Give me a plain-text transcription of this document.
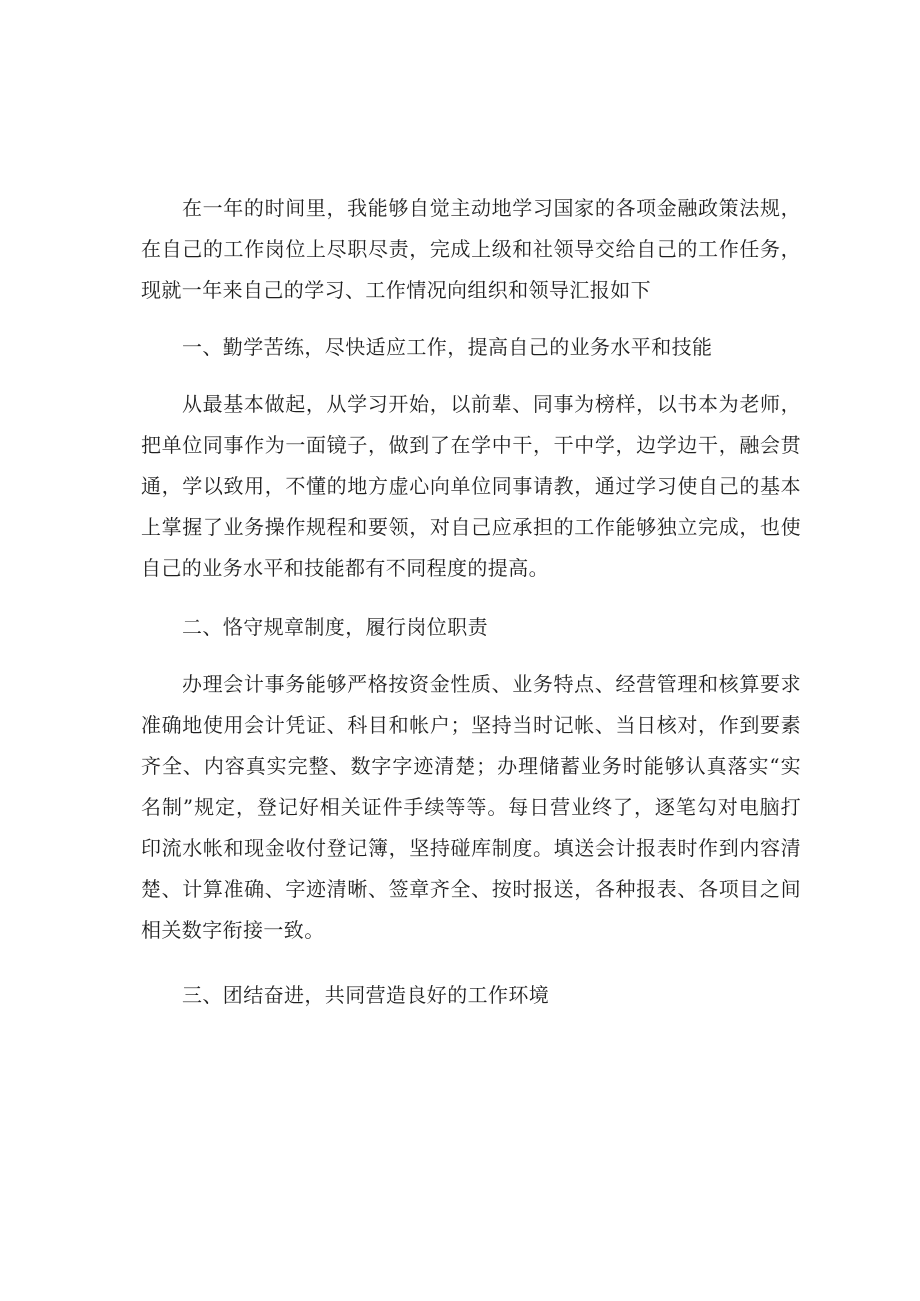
在一年的时间里，我能够自觉主动地学习国家的各项金融政策法规，在自己的工作岗位上尽职尽责，完成上级和社领导交给自己的工作任务，现就一年来自己的学习、工作情况向组织和领导汇报如下

一、勤学苦练，尽快适应工作，提高自己的业务水平和技能

从最基本做起，从学习开始，以前辈、同事为榜样，以书本为老师，把单位同事作为一面镜子，做到了在学中干，干中学，边学边干，融会贯通，学以致用，不懂的地方虚心向单位同事请教，通过学习使自己的基本上掌握了业务操作规程和要领，对自己应承担的工作能够独立完成，也使自己的业务水平和技能都有不同程度的提高。

二、恪守规章制度，履行岗位职责

办理会计事务能够严格按资金性质、业务特点、经营管理和核算要求准确地使用会计凭证、科目和帐户；坚持当时记帐、当日核对，作到要素齐全、内容真实完整、数字字迹清楚；办理储蓄业务时能够认真落实“实名制”规定，登记好相关证件手续等等。每日营业终了，逐笔勾对电脑打印流水帐和现金收付登记簿，坚持碰库制度。填送会计报表时作到内容清楚、计算准确、字迹清晰、签章齐全、按时报送，各种报表、各项目之间相关数字衔接一致。

三、团结奋进，共同营造良好的工作环境
